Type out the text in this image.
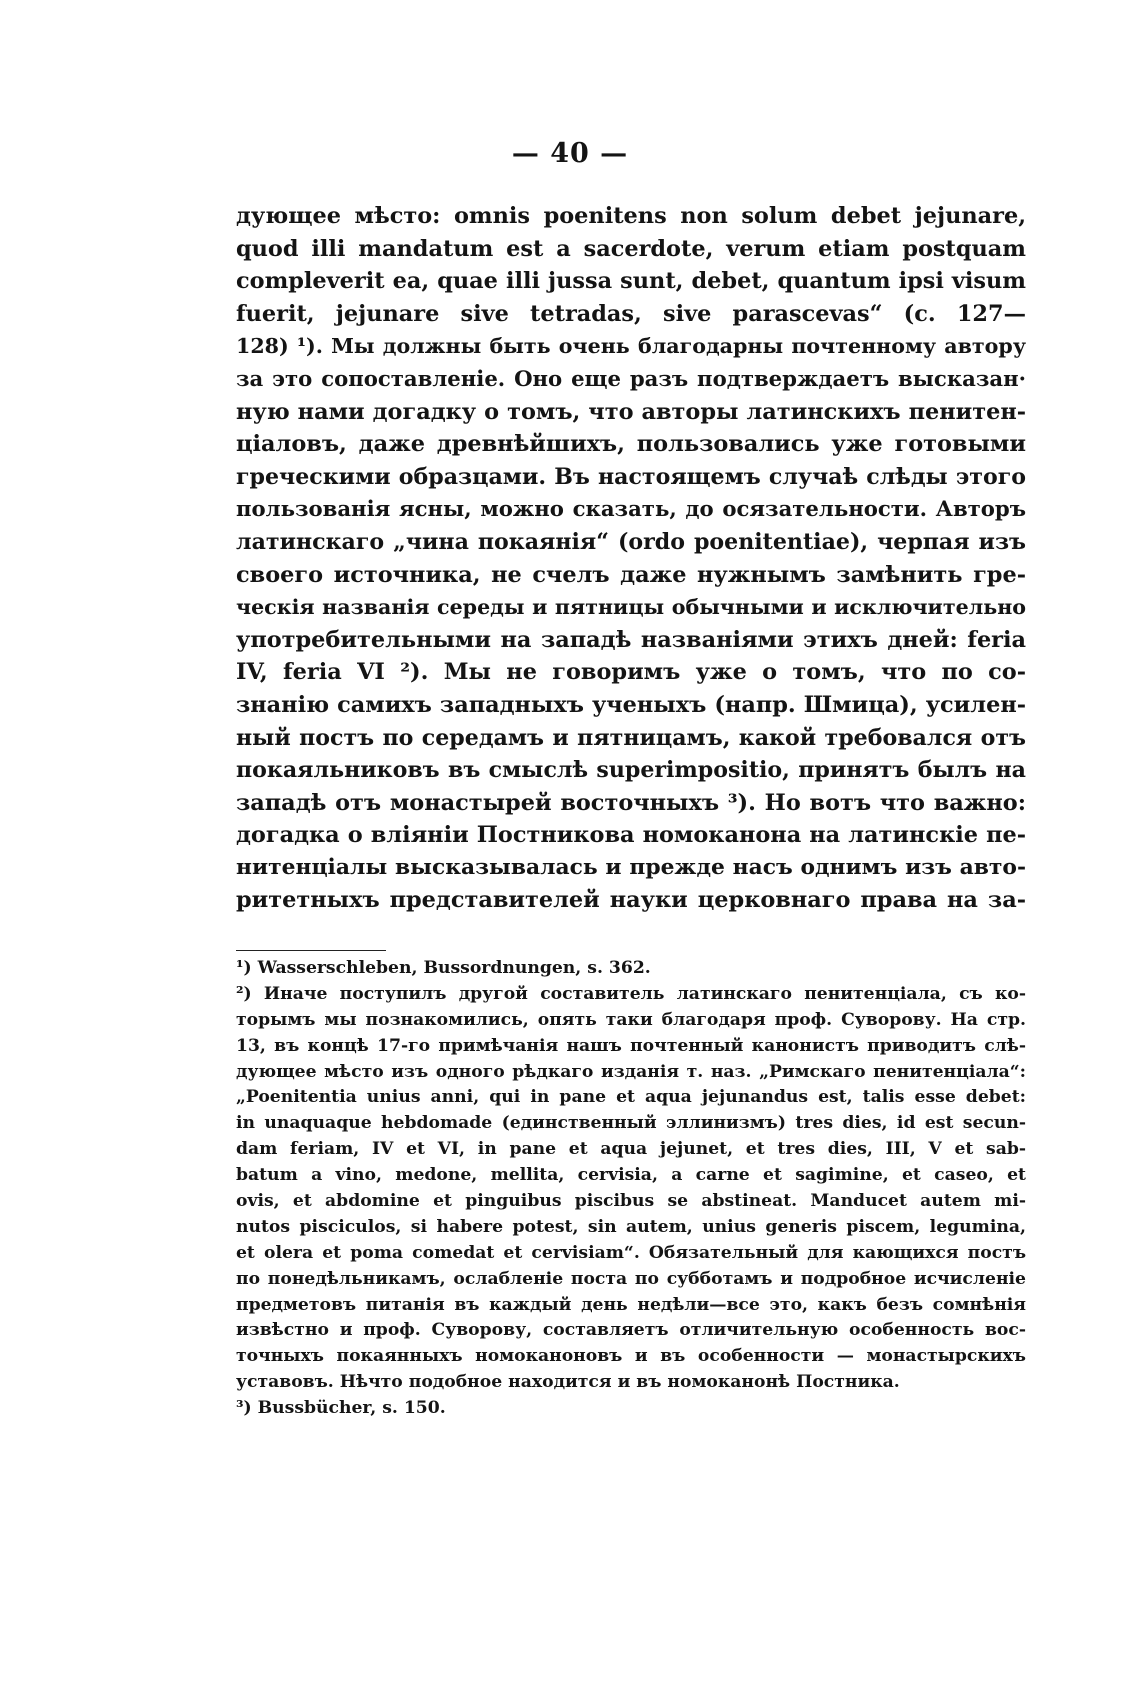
— 40 —
дующее мѣсто: omnis poenitens non solum debet jejunare,
quod illi mandatum est a sacerdote, verum etiam postquam
compleverit ea, quae illi jussa sunt, debet, quantum ipsi visum
fuerit, jejunare sive tetradas, sive parascevas“ (с. 127—
128) ¹). Мы должны быть очень благодарны почтенному автору
за это сопоставленіе. Оно еще разъ подтверждаетъ высказан·
ную нами догадку о томъ, что авторы латинскихъ пенитен-
ціаловъ, даже древнѣйшихъ, пользовались уже готовыми
греческими образцами. Въ настоящемъ случаѣ слѣды этого
пользованія ясны, можно сказать, до осязательности. Авторъ
латинскаго „чина покаянія“ (ordo poenitentiae), черпая изъ
своего источника, не счелъ даже нужнымъ замѣнить гре-
ческія названія середы и пятницы обычными и исключительно
употребительными на западѣ названіями этихъ дней: feria
IV, feria VI ²). Мы не говоримъ уже о томъ, что по со-
знанію самихъ западныхъ ученыхъ (напр. Шмица), усилен-
ный постъ по середамъ и пятницамъ, какой требовался отъ
покаяльниковъ въ смыслѣ superimpositio, принятъ былъ на
западѣ отъ монастырей восточныхъ ³). Но вотъ что важно:
догадка о вліяніи Постникова номоканона на латинскіе пе-
нитенціалы высказывалась и прежде насъ однимъ изъ авто-
ритетныхъ представителей науки церковнаго права на за-
¹) Wasserschleben, Bussordnungen, s. 362.
²) Иначе поступилъ другой составитель латинскаго пенитенціала, съ ко-
торымъ мы познакомились, опять таки благодаря проф. Суворову. На стр.
13, въ концѣ 17-го примѣчанія нашъ почтенный канонистъ приводитъ слѣ-
дующее мѣсто изъ одного рѣдкаго изданія т. наз. „Римскаго пенитенціала“:
„Poenitentia unius anni, qui in pane et aqua jejunandus est, talis esse debet:
in unaquaque hebdomade (единственный эллинизмъ) tres dies, id est secun-
dam feriam, IV et VI, in pane et aqua jejunet, et tres dies, III, V et sab-
batum a vino, medone, mellita, cervisia, a carne et sagimine, et caseo, et
ovis, et abdomine et pinguibus piscibus se abstineat. Manducet autem mi-
nutos pisciculos, si habere potest, sin autem, unius generis piscem, legumina,
et olera et poma comedat et cervisiam“. Обязательный для кающихся постъ
по понедѣльникамъ, ослабленіе поста по субботамъ и подробное исчисленіе
предметовъ питанія въ каждый день недѣли—все это, какъ безъ сомнѣнія
извѣстно и проф. Суворову, составляетъ отличительную особенность вос-
точныхъ покаянныхъ номоканоновъ и въ особенности — монастырскихъ
уставовъ. Нѣчто подобное находится и въ номоканонѣ Постника.
³) Bussbücher, s. 150.
